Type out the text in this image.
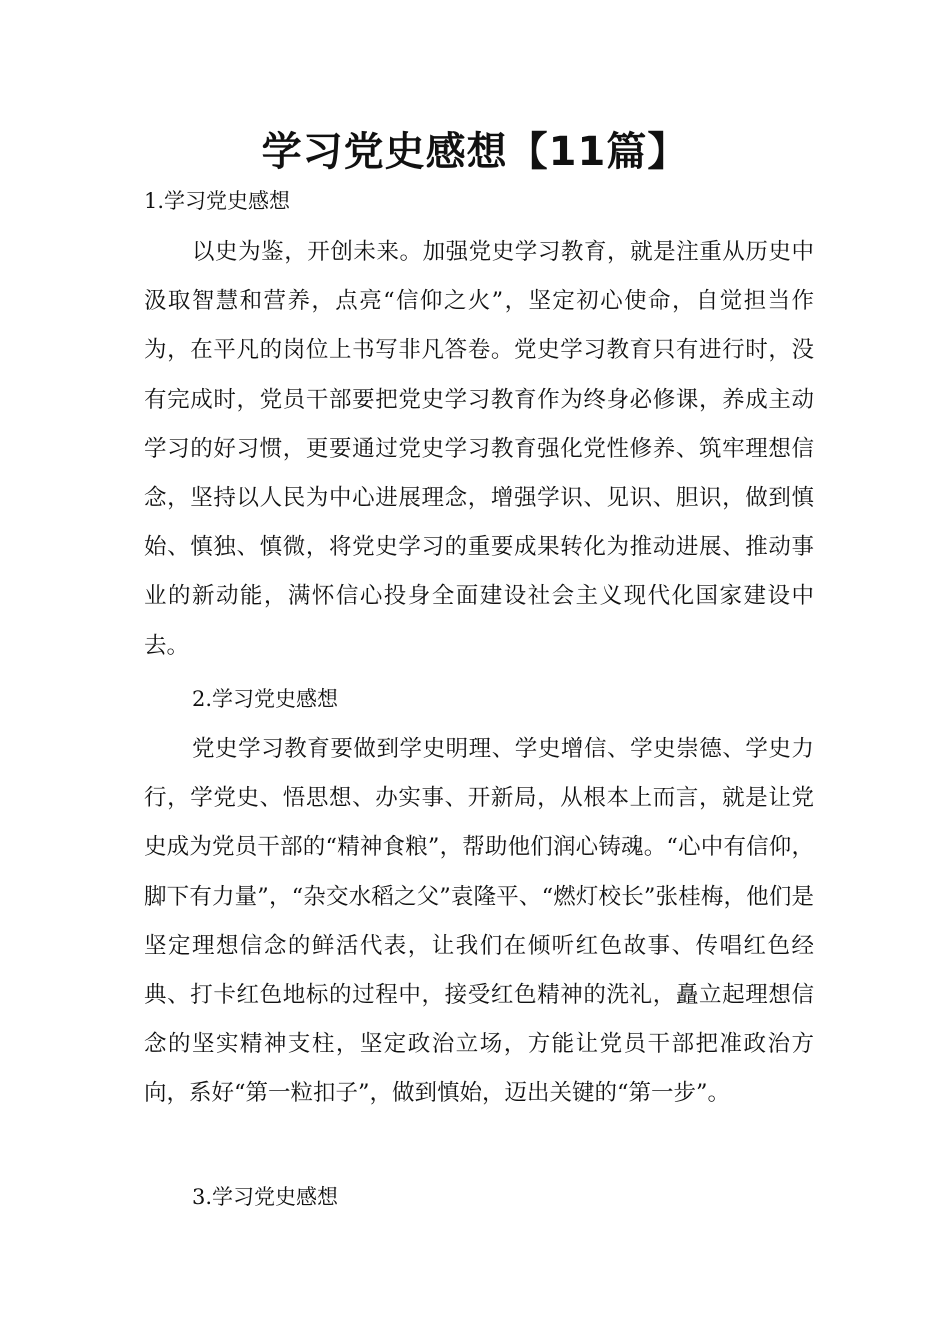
学习党史感想【11篇】
1.学习党史感想

以史为鉴，开创未来。加强党史学习教育，就是注重从历史中汲取智慧和营养，点亮“信仰之火”，坚定初心使命，自觉担当作为，在平凡的岗位上书写非凡答卷。党史学习教育只有进行时，没有完成时，党员干部要把党史学习教育作为终身必修课，养成主动学习的好习惯，更要通过党史学习教育强化党性修养、筑牢理想信念，坚持以人民为中心进展理念，增强学识、见识、胆识，做到慎始、慎独、慎微，将党史学习的重要成果转化为推动进展、推动事业的新动能，满怀信心投身全面建设社会主义现代化国家建设中去。

2.学习党史感想

党史学习教育要做到学史明理、学史增信、学史崇德、学史力行，学党史、悟思想、办实事、开新局，从根本上而言，就是让党史成为党员干部的“精神食粮”，帮助他们润心铸魂。“心中有信仰，脚下有力量”，“杂交水稻之父”袁隆平、“燃灯校长”张桂梅，他们是坚定理想信念的鲜活代表，让我们在倾听红色故事、传唱红色经典、打卡红色地标的过程中，接受红色精神的洗礼，矗立起理想信念的坚实精神支柱，坚定政治立场，方能让党员干部把准政治方向，系好“第一粒扣子”，做到慎始，迈出关键的“第一步”。

3.学习党史感想
